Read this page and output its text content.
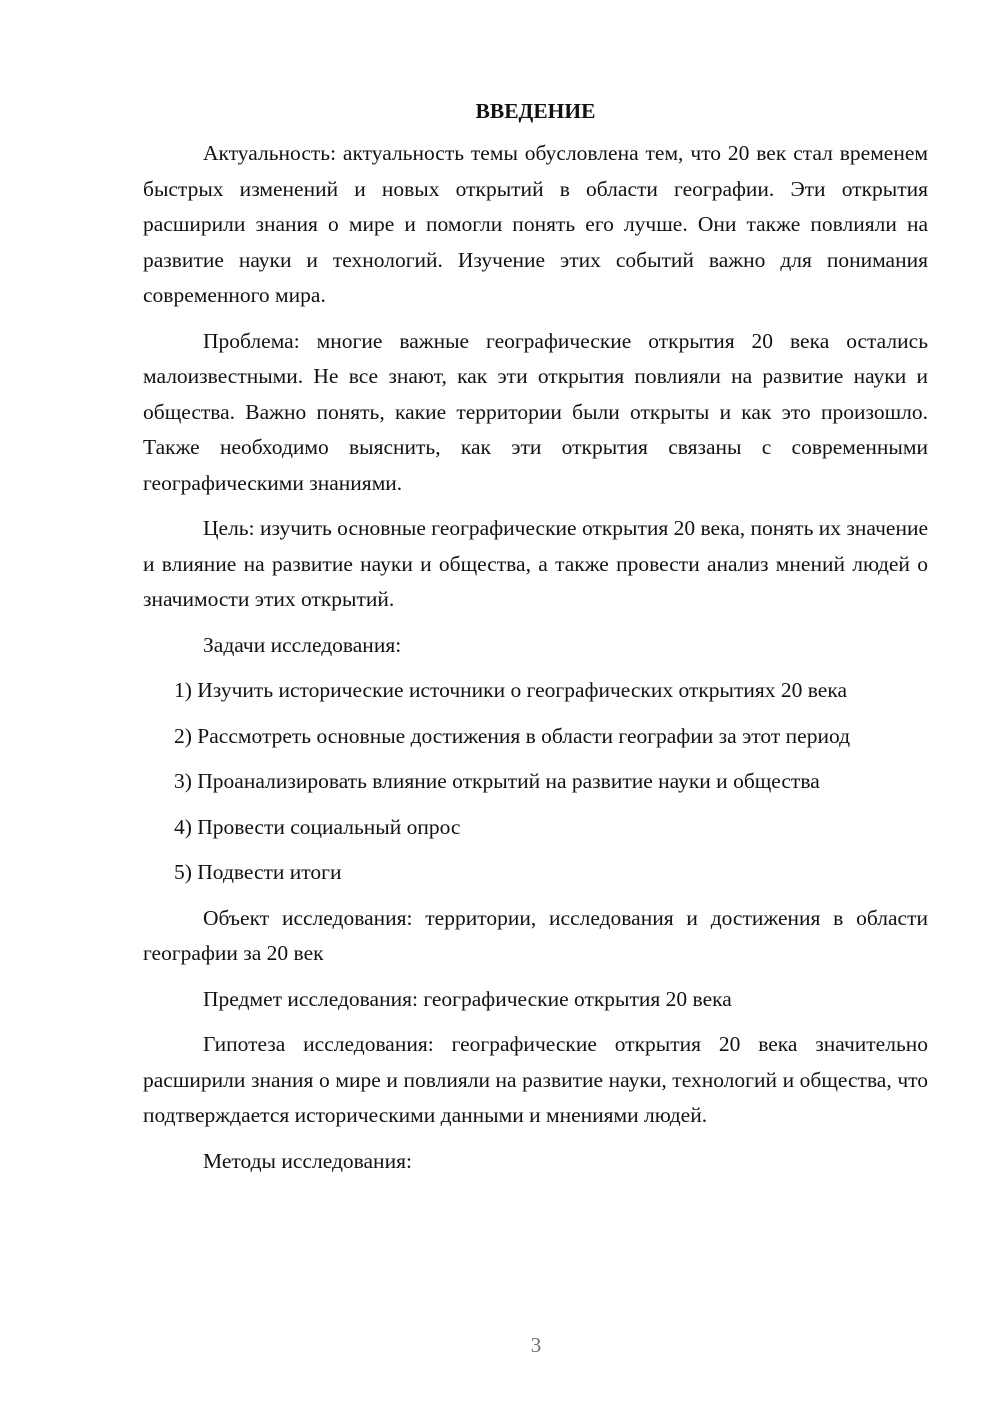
ВВЕДЕНИЕ

Актуальность: актуальность темы обусловлена тем, что 20 век стал временем быстрых изменений и новых открытий в области географии. Эти открытия расширили знания о мире и помогли понять его лучше. Они также повлияли на развитие науки и технологий. Изучение этих событий важно для понимания современного мира.

Проблема: многие важные географические открытия 20 века остались малоизвестными. Не все знают, как эти открытия повлияли на развитие науки и общества. Важно понять, какие территории были открыты и как это произошло. Также необходимо выяснить, как эти открытия связаны с современными географическими знаниями.

Цель: изучить основные географические открытия 20 века, понять их значение и влияние на развитие науки и общества, а также провести анализ мнений людей о значимости этих открытий.

Задачи исследования:

1) Изучить исторические источники о географических открытиях 20 века

2) Рассмотреть основные достижения в области географии за этот период

3) Проанализировать влияние открытий на развитие науки и общества

4) Провести социальный опрос

5) Подвести итоги

Объект исследования: территории, исследования и достижения в области географии за 20 век

Предмет исследования: географические открытия 20 века

Гипотеза исследования: географические открытия 20 века значительно расширили знания о мире и повлияли на развитие науки, технологий и общества, что подтверждается историческими данными и мнениями людей.

Методы исследования:

3
